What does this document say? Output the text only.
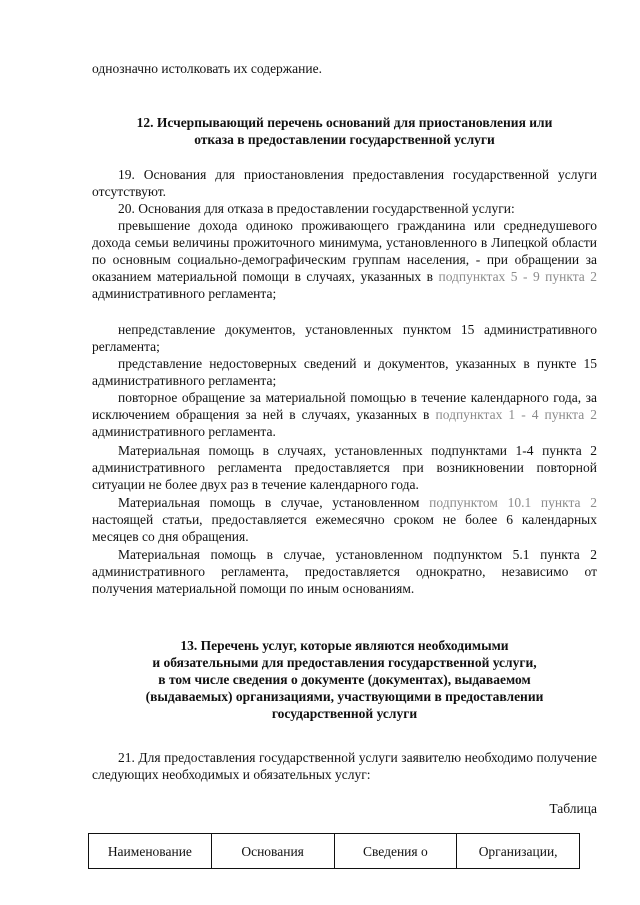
однозначно истолковать их содержание.

12. Исчерпывающий перечень оснований для приостановления или

отказа в предоставлении государственной услуги

19. Основания для приостановления предоставления государственной услуги отсутствуют.

20. Основания для отказа в предоставлении государственной услуги:

превышение дохода одиноко проживающего гражданина или среднедушевого дохода семьи величины прожиточного минимума, установленного в Липецкой области по основным социально-демографическим группам населения, - при обращении за оказанием материальной помощи в случаях, указанных в подпунктах 5 - 9 пункта 2 административного регламента;

непредставление документов, установленных пунктом 15 административного регламента;

представление недостоверных сведений и документов, указанных в пункте 15 административного регламента;

повторное обращение за материальной помощью в течение календарного года, за исключением обращения за ней в случаях, указанных в подпунктах 1 - 4 пункта 2 административного регламента.

Материальная помощь в случаях, установленных подпунктами 1-4 пункта 2 административного регламента предоставляется при возникновении повторной ситуации не более двух раз в течение календарного года.

Материальная помощь в случае, установленном подпунктом 10.1 пункта 2 настоящей статьи, предоставляется ежемесячно сроком не более 6 календарных месяцев со дня обращения.

Материальная помощь в случае, установленном подпунктом 5.1 пункта 2 административного регламента, предоставляется однократно, независимо от получения материальной помощи по иным основаниям.

13. Перечень услуг, которые являются необходимыми

и обязательными для предоставления государственной услуги,

в том числе сведения о документе (документах), выдаваемом

(выдаваемых) организациями, участвующими в предоставлении

государственной услуги

21. Для предоставления государственной услуги заявителю необходимо получение следующих необходимых и обязательных услуг:

Таблица

Наименование	Основания	Сведения о	Организации,
